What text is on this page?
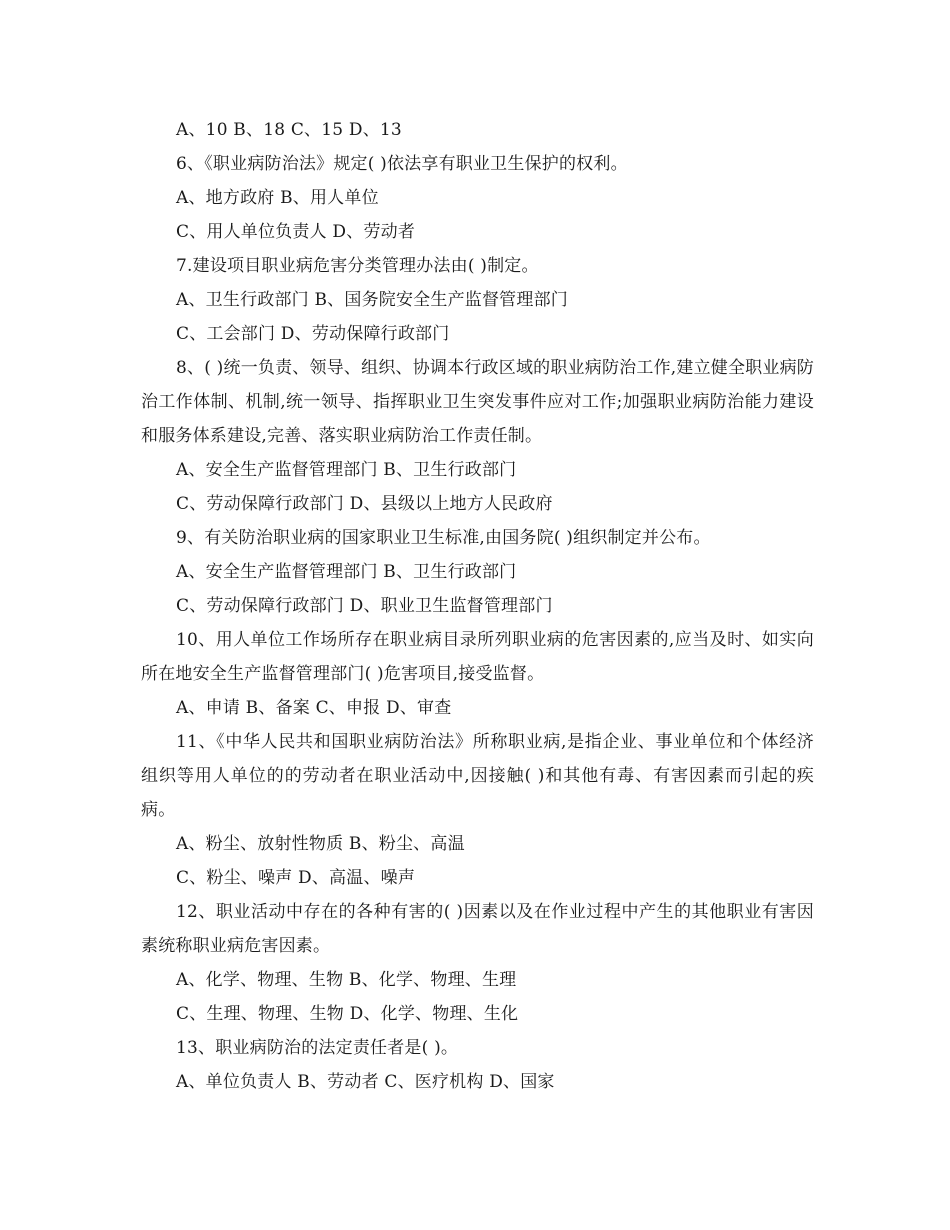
A、10 B、18 C、15 D、13
6、《职业病防治法》规定( )依法享有职业卫生保护的权利。
A、地方政府 B、用人单位
C、用人单位负责人 D、劳动者
7.建设项目职业病危害分类管理办法由( )制定。
A、卫生行政部门 B、国务院安全生产监督管理部门
C、工会部门 D、劳动保障行政部门
8、( )统一负责、领导、组织、协调本行政区域的职业病防治工作,建立健全职业病防治工作体制、机制,统一领导、指挥职业卫生突发事件应对工作;加强职业病防治能力建设和服务体系建设,完善、落实职业病防治工作责任制。
A、安全生产监督管理部门 B、卫生行政部门
C、劳动保障行政部门 D、县级以上地方人民政府
9、有关防治职业病的国家职业卫生标准,由国务院( )组织制定并公布。
A、安全生产监督管理部门 B、卫生行政部门
C、劳动保障行政部门 D、职业卫生监督管理部门
10、用人单位工作场所存在职业病目录所列职业病的危害因素的,应当及时、如实向所在地安全生产监督管理部门( )危害项目,接受监督。
A、申请 B、备案 C、申报 D、审查
11、《中华人民共和国职业病防治法》所称职业病,是指企业、事业单位和个体经济组织等用人单位的的劳动者在职业活动中,因接触( )和其他有毒、有害因素而引起的疾病。
A、粉尘、放射性物质 B、粉尘、高温
C、粉尘、噪声 D、高温、噪声
12、职业活动中存在的各种有害的( )因素以及在作业过程中产生的其他职业有害因素统称职业病危害因素。
A、化学、物理、生物 B、化学、物理、生理
C、生理、物理、生物 D、化学、物理、生化
13、职业病防治的法定责任者是( )。
A、单位负责人 B、劳动者 C、医疗机构 D、国家
